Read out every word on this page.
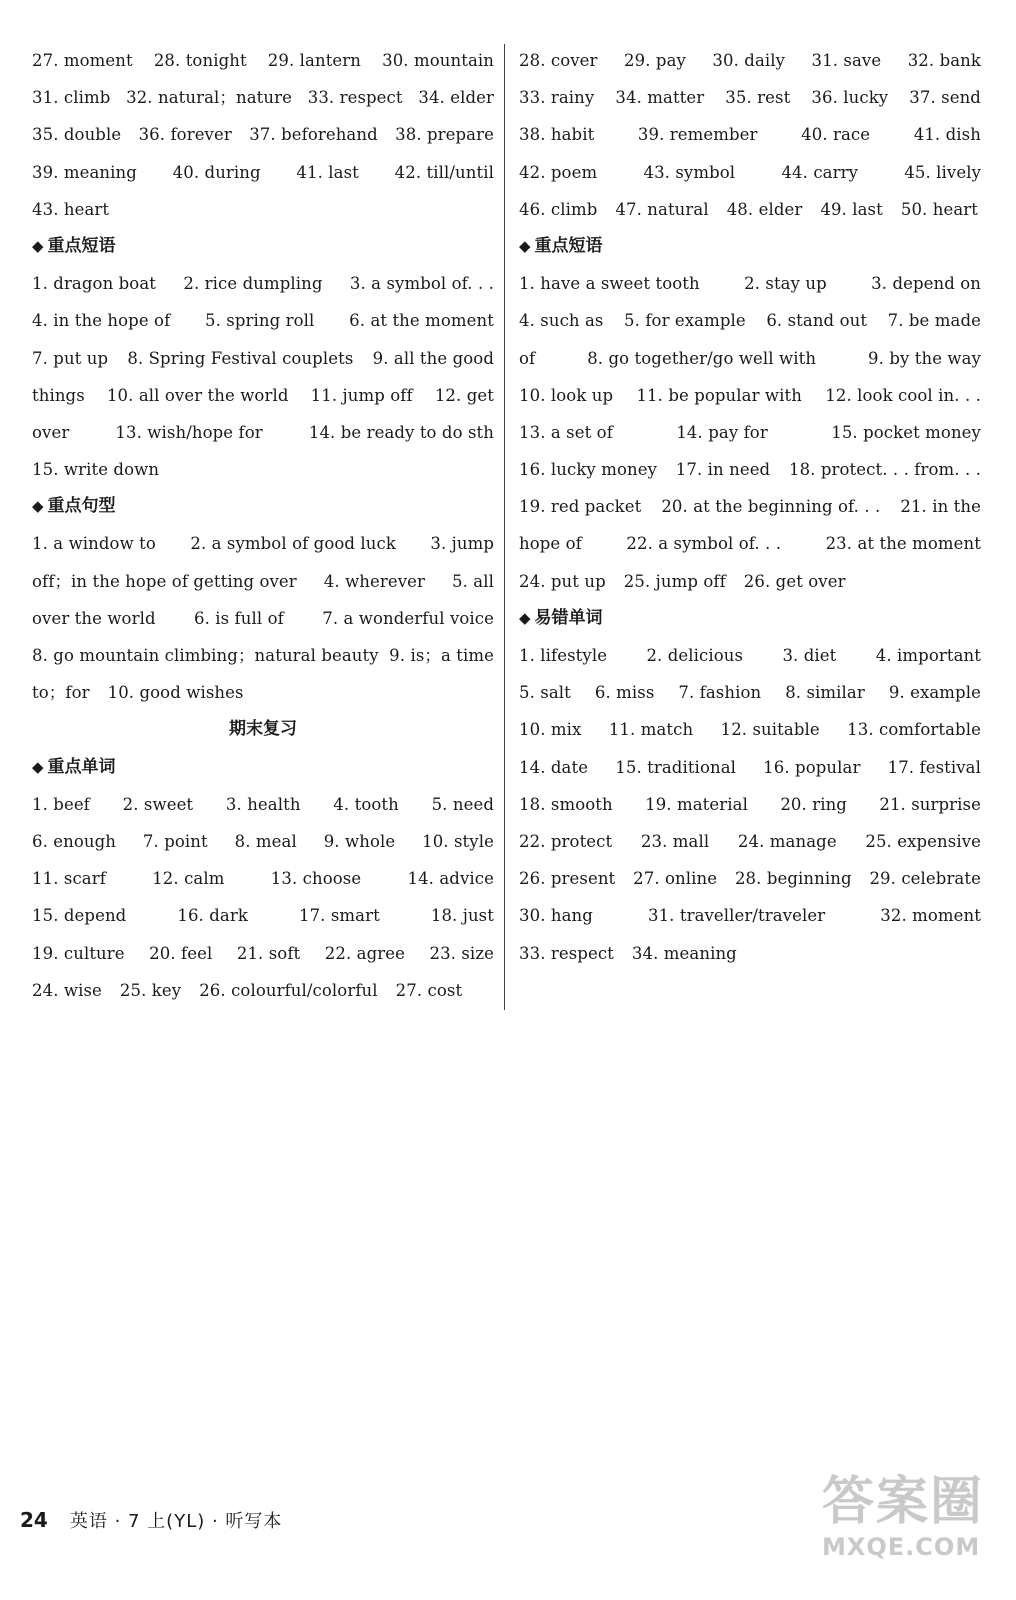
27. moment 28. tonight 29. lantern 30. mountain
31. climb 32. natural；nature 33. respect 34. elder
35. double 36. forever 37. beforehand 38. prepare
39. meaning 40. during 41. last 42. till/until
43. heart
◆ 重点短语
1. dragon boat 2. rice dumpling 3. a symbol of. . .
4. in the hope of 5. spring roll 6. at the moment
7. put up 8. Spring Festival couplets 9. all the good
things 10. all over the world 11. jump off 12. get
over	13. wish/hope for	14. be ready to do sth
15. write down
◆ 重点句型
1. a window to 2. a symbol of good luck 3. jump
off；in the hope of getting over 4. wherever 5. all
over the world 6. is full of 7. a wonderful voice
8. go mountain climbing；natural beauty 9. is；a time
to；for 10. good wishes
期末复习
◆ 重点单词
1. beef 2. sweet 3. health 4. tooth 5. need
6. enough 7. point 8. meal 9. whole 10. style
11. scarf	12. calm	13. choose	14. advice
15. depend	16. dark	17. smart	18. just
19. culture 20. feel 21. soft 22. agree 23. size
24. wise 25. key 26. colourful/colorful 27. cost
28. cover 29. pay 30. daily 31. save 32. bank
33. rainy 34. matter 35. rest 36. lucky 37. send
38. habit	39. remember	40. race	41. dish
42. poem	43. symbol	44. carry	45. lively
46. climb 47. natural 48. elder 49. last 50. heart
◆ 重点短语
1. have a sweet tooth	2. stay up	3. depend on
4. such as 5. for example 6. stand out 7. be made
of	8. go together/go well with	9. by the way
10. look up 11. be popular with 12. look cool in. . .
13. a set of	14. pay for	15. pocket money
16. lucky money 17. in need 18. protect. . . from. . .
19. red packet 20. at the beginning of. . . 21. in the
hope of	22. a symbol of. . .	23. at the moment
24. put up 25. jump off 26. get over
◆ 易错单词
1. lifestyle 2. delicious 3. diet 4. important
5. salt 6. miss 7. fashion 8. similar 9. example
10. mix 11. match 12. suitable 13. comfortable
14. date 15. traditional 16. popular 17. festival
18. smooth 19. material 20. ring 21. surprise
22. protect 23. mall 24. manage 25. expensive
26. present 27. online 28. beginning 29. celebrate
30. hang	31. traveller/traveler	32. moment
33. respect 34. meaning
24 英语 · 7 上(YL) · 听写本	答案圈
MXQE.COM
